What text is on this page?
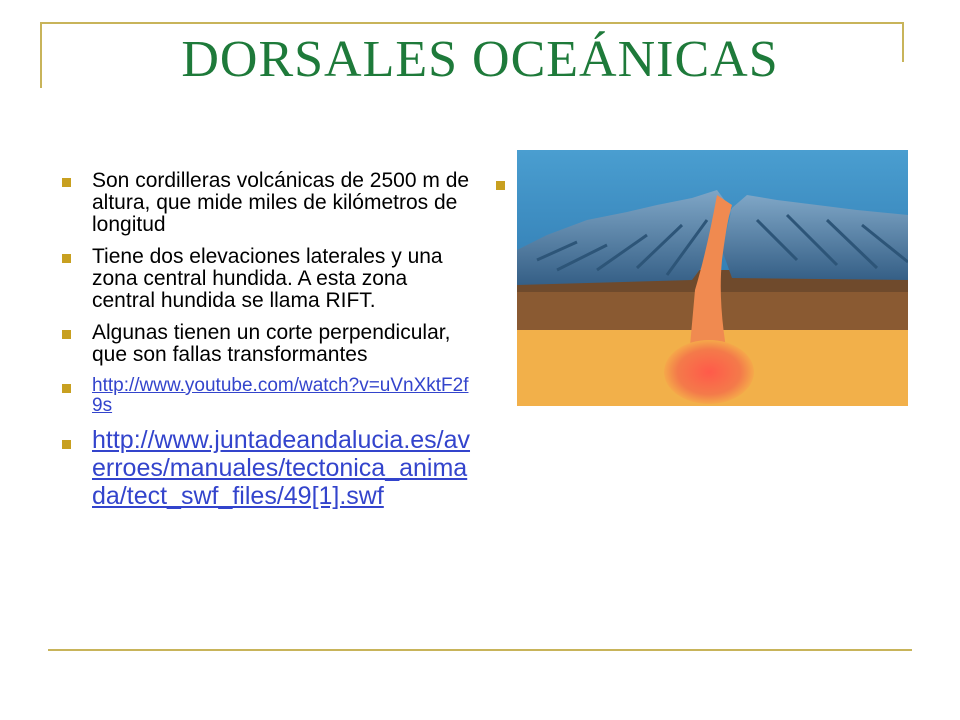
DORSALES OCEÁNICAS
Son cordilleras volcánicas de 2500 m de altura, que mide miles de kilómetros de longitud
Tiene dos elevaciones laterales y una zona central hundida. A esta zona central hundida se llama RIFT.
Algunas tienen un corte perpendicular, que son fallas transformantes
http://www.youtube.com/watch?v=uVnXktF2f9s
http://www.juntadeandalucia.es/averroes/manuales/tectonica_animada/tect_swf_files/49[1].swf
